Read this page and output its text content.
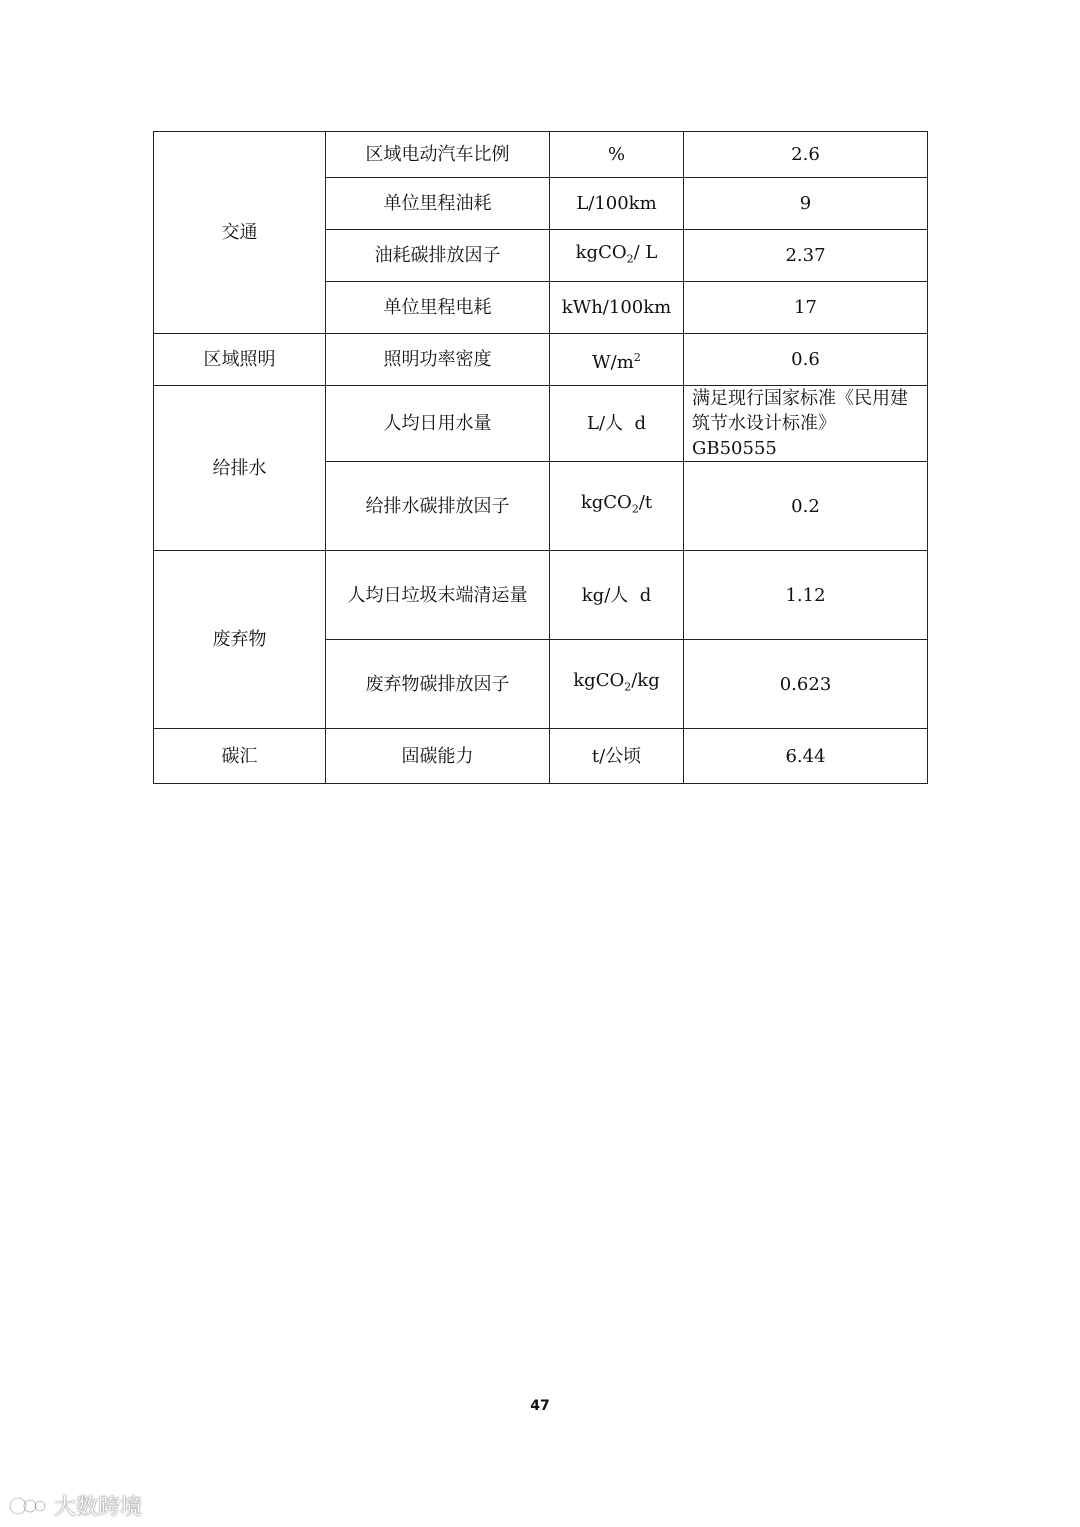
交通	区域电动汽车比例	%	2.6
	单位里程油耗	L/100km	9
	油耗碳排放因子	kgCO$_2$/ L	2.37
	单位里程电耗	kWh/100km	17
区域照明	照明功率密度	$W/m^2$	0.6
给排水	人均日用水量	L/人  d	满足现行国家标准《民用建筑节水设计标准》GB50555
	给排水碳排放因子	kgCO$_2$/t	0.2
废弃物	人均日垃圾末端清运量	kg/人  d	1.12
	废弃物碳排放因子	kgCO$_2$/kg	0.623
碳汇	固碳能力	t/公顷	6.44
47
大数跨境
